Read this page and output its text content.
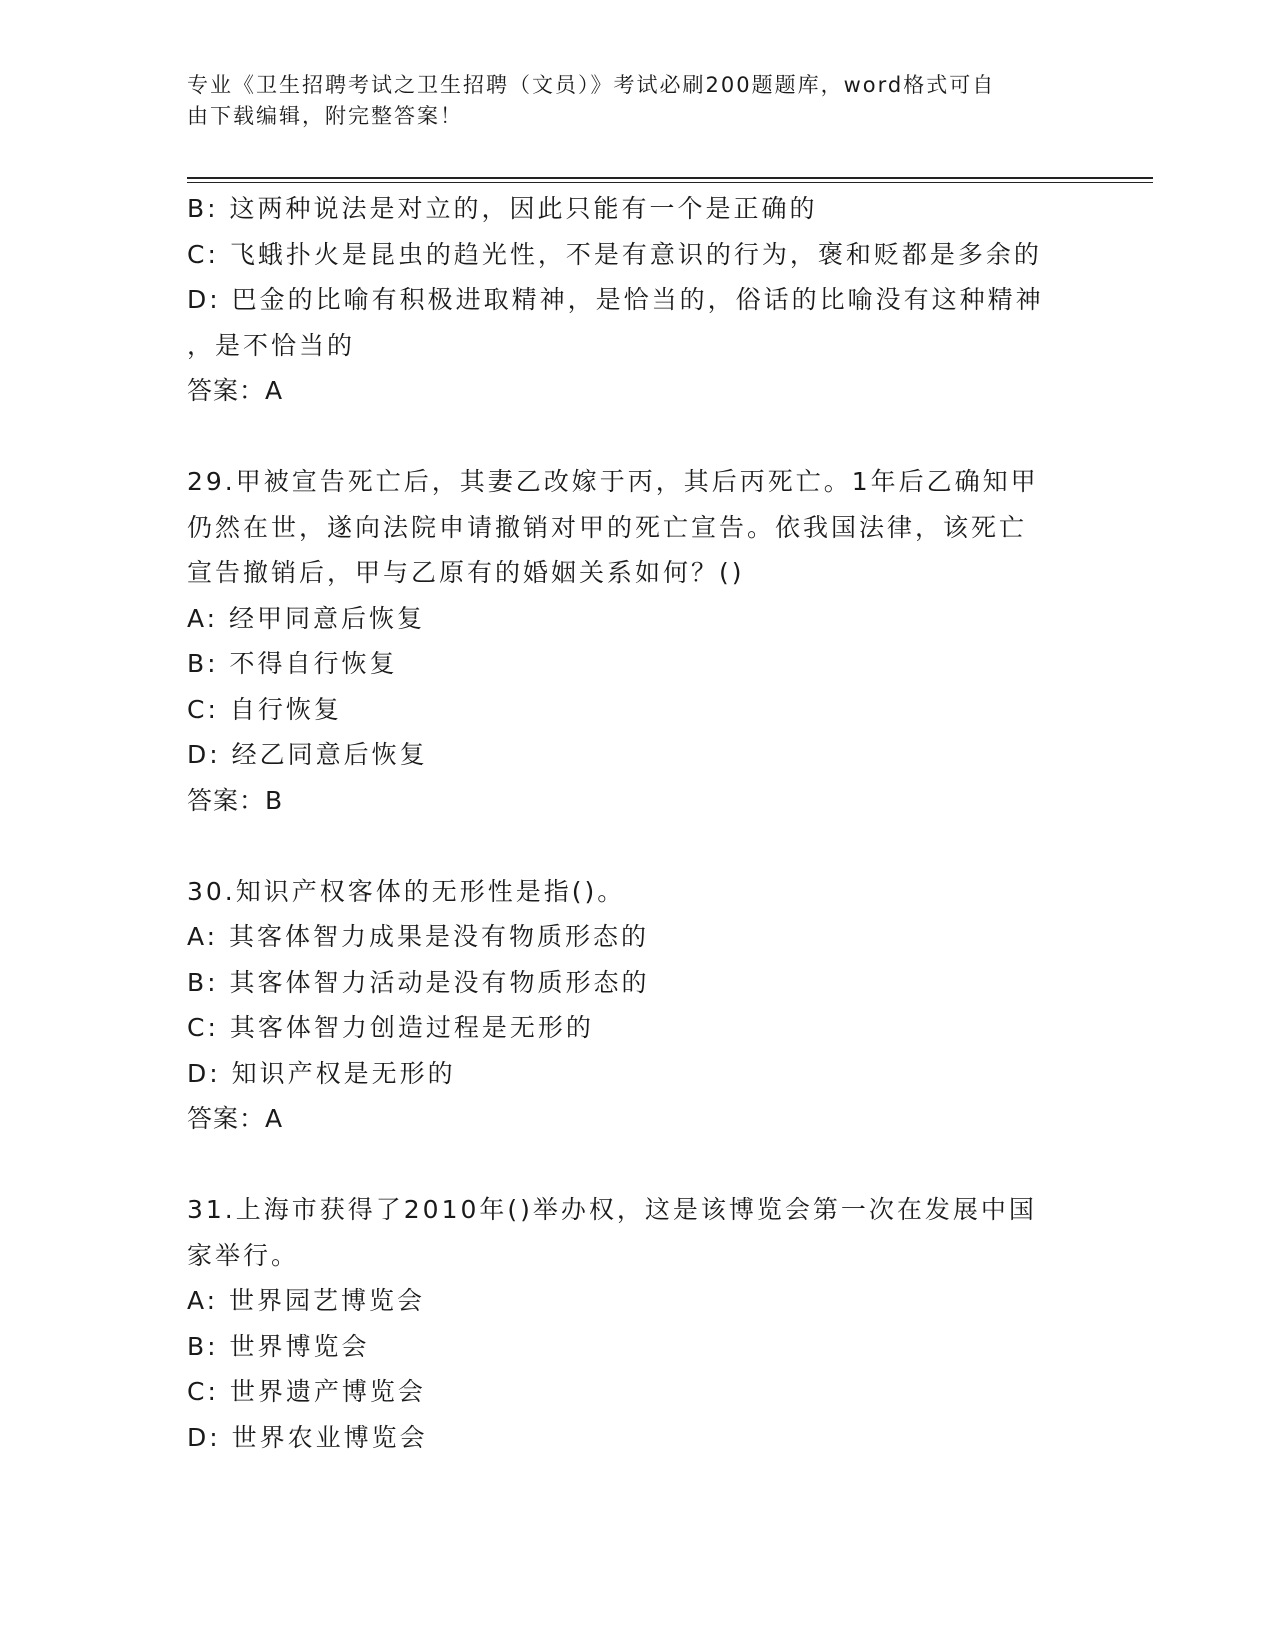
专业《卫生招聘考试之卫生招聘（文员）》考试必刷200题题库，word格式可自
由下载编辑，附完整答案！
B: 这两种说法是对立的，因此只能有一个是正确的
C: 飞蛾扑火是昆虫的趋光性，不是有意识的行为，褒和贬都是多余的
D: 巴金的比喻有积极进取精神，是恰当的，俗话的比喻没有这种精神
，是不恰当的
答案：A
29.甲被宣告死亡后，其妻乙改嫁于丙，其后丙死亡。1年后乙确知甲
仍然在世，遂向法院申请撤销对甲的死亡宣告。依我国法律，该死亡
宣告撤销后，甲与乙原有的婚姻关系如何？()
A: 经甲同意后恢复
B: 不得自行恢复
C: 自行恢复
D: 经乙同意后恢复
答案：B
30.知识产权客体的无形性是指()。
A: 其客体智力成果是没有物质形态的
B: 其客体智力活动是没有物质形态的
C: 其客体智力创造过程是无形的
D: 知识产权是无形的
答案：A
31.上海市获得了2010年()举办权，这是该博览会第一次在发展中国
家举行。
A: 世界园艺博览会
B: 世界博览会
C: 世界遗产博览会
D: 世界农业博览会
